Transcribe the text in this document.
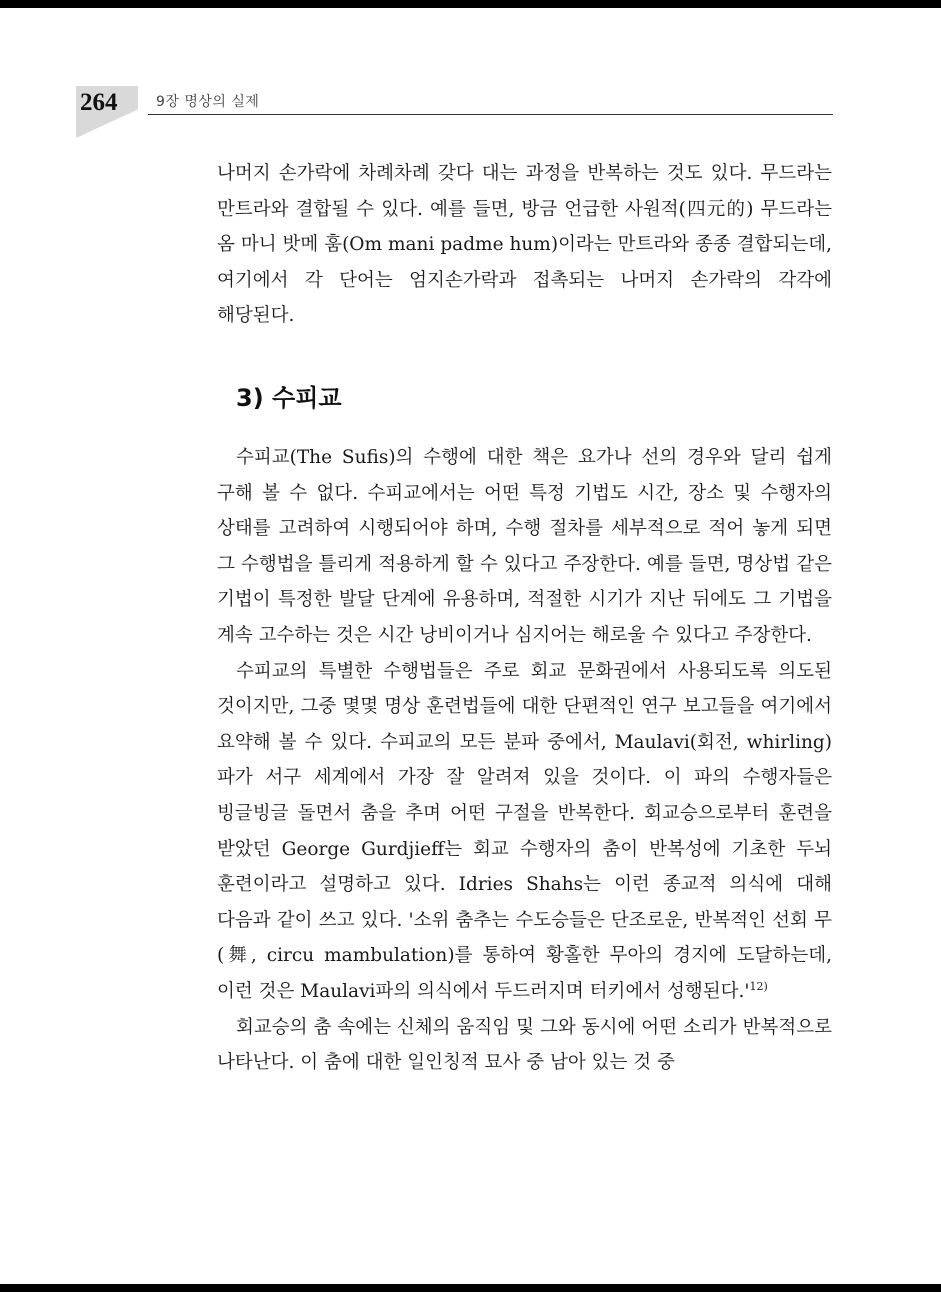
264	9장 명상의 실제

나머지 손가락에 차례차례 갖다 대는 과정을 반복하는 것도 있다. 무드라는 만트라와 결합될 수 있다. 예를 들면, 방금 언급한 사원적(四元的) 무드라는 옴 마니 밧메 훔(Om mani padme hum)이라는 만트라와 종종 결합되는데, 여기에서 각 단어는 엄지손가락과 접촉되는 나머지 손가락의 각각에 해당된다.

3) 수피교

수피교(The Sufis)의 수행에 대한 책은 요가나 선의 경우와 달리 쉽게 구해 볼 수 없다. 수피교에서는 어떤 특정 기법도 시간, 장소 및 수행자의 상태를 고려하여 시행되어야 하며, 수행 절차를 세부적으로 적어 놓게 되면 그 수행법을 틀리게 적용하게 할 수 있다고 주장한다. 예를 들면, 명상법 같은 기법이 특정한 발달 단계에 유용하며, 적절한 시기가 지난 뒤에도 그 기법을 계속 고수하는 것은 시간 낭비이거나 심지어는 해로울 수 있다고 주장한다.

수피교의 특별한 수행법들은 주로 회교 문화권에서 사용되도록 의도된 것이지만, 그중 몇몇 명상 훈련법들에 대한 단편적인 연구 보고들을 여기에서 요약해 볼 수 있다. 수피교의 모든 분파 중에서, Maulavi(회전, whirling)파가 서구 세계에서 가장 잘 알려져 있을 것이다. 이 파의 수행자들은 빙글빙글 돌면서 춤을 추며 어떤 구절을 반복한다. 회교승으로부터 훈련을 받았던 George Gurdjieff는 회교 수행자의 춤이 반복성에 기초한 두뇌 훈련이라고 설명하고 있다. Idries Shahs는 이런 종교적 의식에 대해 다음과 같이 쓰고 있다. '소위 춤추는 수도승들은 단조로운, 반복적인 선회 무(舞, circu mambulation)를 통하여 황홀한 무아의 경지에 도달하는데, 이런 것은 Maulavi파의 의식에서 두드러지며 터키에서 성행된다.'$^{12)}$

회교승의 춤 속에는 신체의 움직임 및 그와 동시에 어떤 소리가 반복적으로 나타난다. 이 춤에 대한 일인칭적 묘사 중 남아 있는 것 중
